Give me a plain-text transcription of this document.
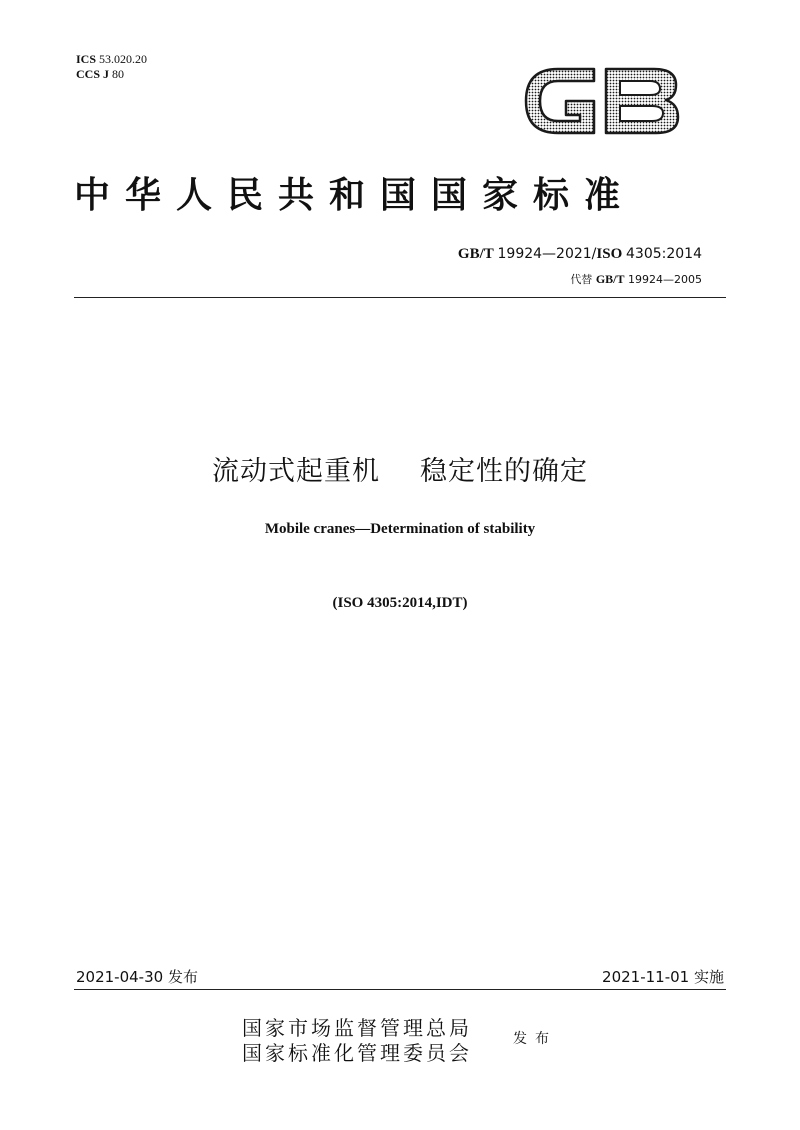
ICS 53.020.20
CCS J 80
中华人民共和国国家标准
GB/T 19924—2021/ISO 4305:2014
代替 GB/T 19924—2005
流动式起重机 稳定性的确定
Mobile cranes—Determination of stability
(ISO 4305:2014,IDT)
2021-04-30 发布	2021-11-01 实施
国家市场监督管理总局
国家标准化管理委员会
发布
